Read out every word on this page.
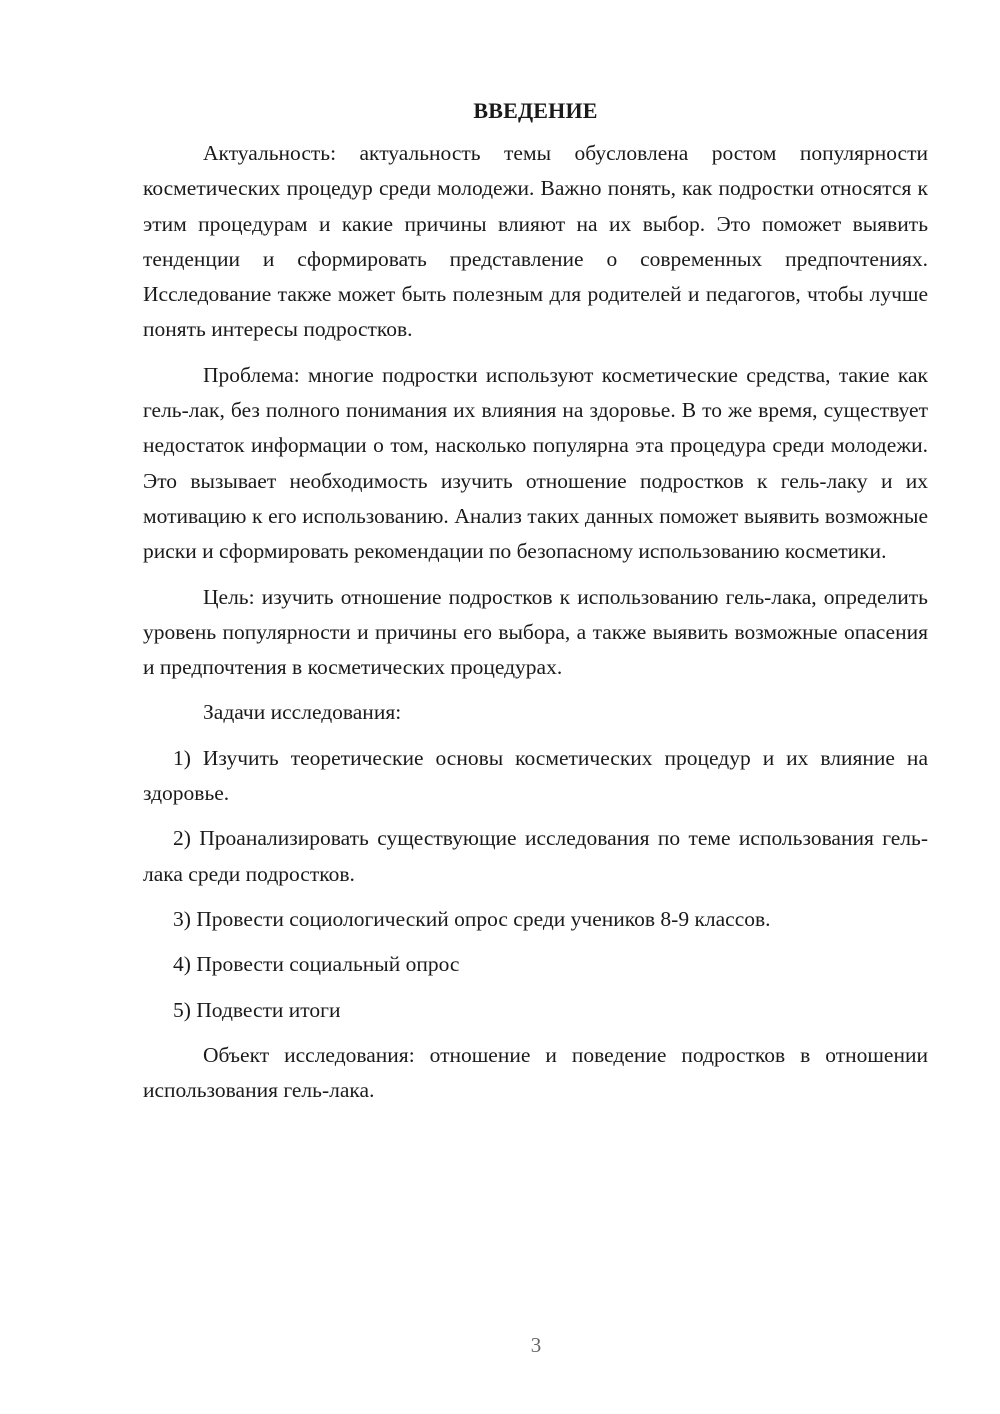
ВВЕДЕНИЕ

Актуальность: актуальность темы обусловлена ростом популярности косметических процедур среди молодежи. Важно понять, как подростки относятся к этим процедурам и какие причины влияют на их выбор. Это поможет выявить тенденции и сформировать представление о современных предпочтениях. Исследование также может быть полезным для родителей и педагогов, чтобы лучше понять интересы подростков.

Проблема: многие подростки используют косметические средства, такие как гель-лак, без полного понимания их влияния на здоровье. В то же время, существует недостаток информации о том, насколько популярна эта процедура среди молодежи. Это вызывает необходимость изучить отношение подростков к гель-лаку и их мотивацию к его использованию. Анализ таких данных поможет выявить возможные риски и сформировать рекомендации по безопасному использованию косметики.

Цель: изучить отношение подростков к использованию гель-лака, определить уровень популярности и причины его выбора, а также выявить возможные опасения и предпочтения в косметических процедурах.

Задачи исследования:

1) Изучить теоретические основы косметических процедур и их влияние на здоровье.

2) Проанализировать существующие исследования по теме использования гель-лака среди подростков.

3) Провести социологический опрос среди учеников 8-9 классов.

4) Провести социальный опрос

5) Подвести итоги

Объект исследования: отношение и поведение подростков в отношении использования гель-лака.

3
